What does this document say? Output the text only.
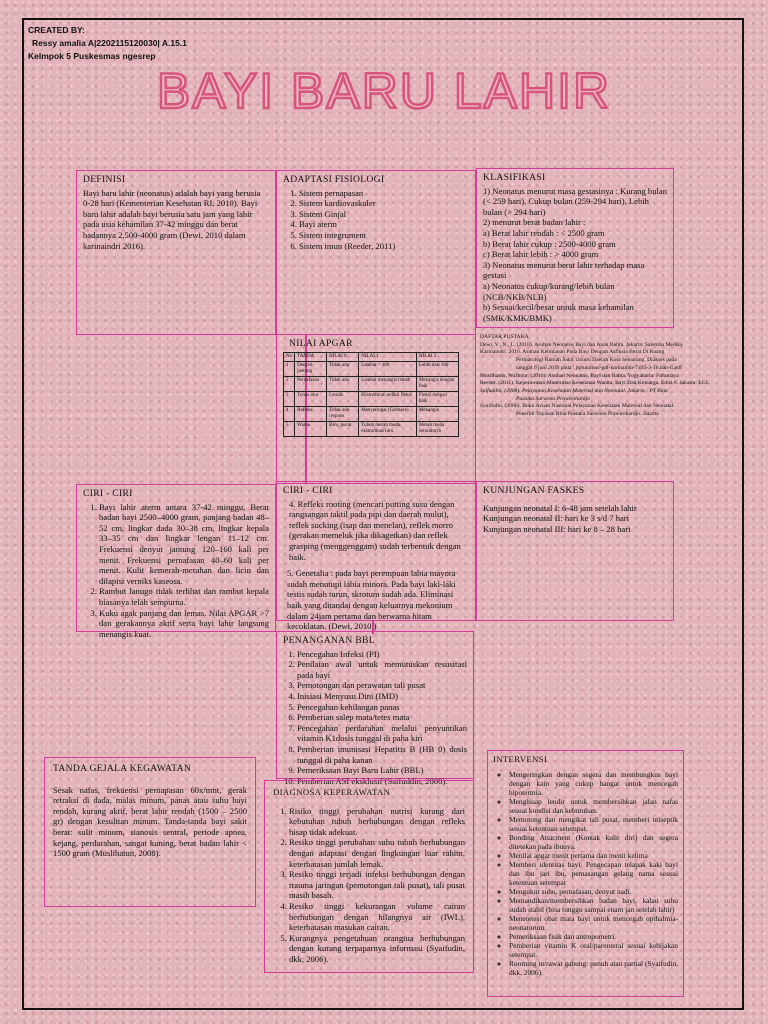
CREATED BY:
Ressy amalia A|2202115120030| A.15.1
Kelmpok 5 Puskesmas ngesrep
BAYI BARU LAHIR
DEFINISI

Bayi baru lahir (neonatus) adalah bayi yang berusia 0-28 hari (Kementerian Kesehatan RI, 2010). Bayi baru lahir adalah bayi berusia satu jam yang lahir pada usia kehamilan 37-42 minggu dan berat badannya 2.500-4000 gram (Dewi, 2010 dalam karinaindri 2016).

ADAPTASI FISIOLOGI
1. Sistem pernapasan
2. Sistem kardiovaskuler
3. Sistem Ginjal
4. Bayi aterm
5. Sistem integrument
6. Sistem imun (Reeder, 2011)
KLASIFIKASI

1) Neonatus menurut masa gestasinya : Kurang bulan (< 259 hari), Cukup bulan (259-294 hari), Lebih bulan (> 294 hari)

2) menurut berat badan lahir :

a) Berat lahir rendah : < 2500 gram

b) Berat lahir cukup : 2500-4000 gram

c) Berat lahir lebih : > 4000 gram

3) Neonatus menurut berat lahir terhadap masa gestasi

a) Neonatus cukup/kurang/lebih bulan (NCB/NKB/NLB)

b) Sesuai/kecil/besar untuk masa kehamilan (SMK/KMK/BMK)

NILAI APGAR
No	TANDA	NILAI 0	NILAI 1	NILAI 2
1	Denyut jantung	Tidak ada	Lambat < 100	Lebih dari 100
2	Pernafasan	Tidak ada	Lambat menangis lemah	Menangis dengan baik
3	Tonus otot	Lemah	Ekstremitas sedikit fleksi	Fleksi dengan baik
4	Refleks	Tidak ada respons	Menyeringai (Grimace)	Menangis
5	Warna	Biru, pucat	Tubuh merah muda, ekstremitas biru	Merah muda seluruhnya

DAFTAR PUSTAKA

Dewi, V., N., L. (2010). Asuhan Neonatus Bayi dan Anak Balita. Jakarta: Salemba Medika

Karinaindri. 2016. Asuhan Kebidanan Pada Bayi Dengan Asfiksia Berat Di Ruang

Perinatologi Rumah Sakit Umum Daerah Kota Semarang. Diakses pada

tanggal 6 juni 2016 pada : jtptunimus-gdl-karinaindr-7493-3-16.bab-ii.pdf

Muslihatun, Wafiniur. (2010). Asuhan Neonatus, Bayi dan Balita. Yogyakarta: Fitramaya

Reeder. (2011). Keperawatan Maternitas Kesehatan Wanita, Bayi Dan Keluarga. Edisi 8. Jakarta: EGC

Saifuddin. (2008). Pelayanan Kesehatan Maternal dan Neonatal. Jakarta : PT Bina

Pustaka Sarwono Prawirohardjo

Syaifudin. (2006). Buku Acuan Nasional Pelayanan Kesehatan Maternal dan Neonatal.

Penerbit Yayasan Bina Pustaka Sarwono Prawirohardjo. Jakarta

CIRI - CIRI
1. Bayi lahir aterm antara 37-42 minggu, Berat badan bayi 2500–4000 gram, panjang badan 48–52 cm, lingkar dada 30–38 cm, lingkar kepala 33–35 cm dan lingkar lengan 11–12 cm. Frekuensi denyut jantung 120–160 kali per menit. Frekuensi pernafasan 40–60 kali per menit. Kulit kemerah-merahan dan licin dan dilapisi verniks kaseosa.
2. Rambut lanugo tidak terlihat dan rambut kepala biasanya telah sempurna.
3. Kuku agak panjang dan lemas. Nilai APGAR >7 dan gerakannya aktif serta bayi lahir langsung menangis kuat.
CIRI - CIRI

4. Refleks rooting (mencari putting susu dengan rangsangan taktil pada pipi dan daerah mulut), reflek sucking (isap dan menelan), reflek morro (gerakan memeluk jika dikagetkan) dan reflek grasping (menggenggam) sudah terbentuk dengan baik.

5. Genetalia : pada bayi perempuan labia mayora sudah menutupi labia minora. Pada bayi laki-laki testis sudah turun, skrotum sudah ada. Eliminasi baik yang ditandai dengan keluarnya mekonium dalam 24jam pertama dan berwarna hitam kecoklatan. (Dewi, 2010 )

KUNJUNGAN FASKES

Kunjungan neonatal I: 6-48 jam setelah lahir

Kunjungan neonatal II: hari ke 3 s/d 7 hari

Kunjungan neonatal III: hari ke 8 – 28 hari

PENANGANAN BBL
1. Pencegahan Infeksi (PI)
2. Penilaian awal untuk memutuskan resusitasi pada bayi
3. Pemotongan dan perawatan tali pusat
4. Inisiasi Menyusu Dini (IMD)
5. Pencegahan kehilangan panas
6. Pemberian salep mata/tetes mata
7. Pencegahan perdarahan melalui penyuntikan vitamin K1dosis tunggal di paha kiri
8. Pemberian imunisasi Hepatitis B (HB 0) dosis tunggal di paha kanan
9. Pemeriksaan Bayi Baru Lahir (BBL)
10. Pemberian ASI eksklusif (Saifuddin, 2008).
TANDA GEJALA KEGAWATAN

Sesak nafas, frekuensi pernapasan 60x/mnt, gerak retraksi di dada, malas minum, panas atau suhu bayi rendah, kurang aktif, berat lahir rendah (1500 – 2500 gr) dengan kesulitan minum. Tanda-tanda bayi sakit berat: sulit minum, sianosis sentral, periode apnea, kejang, perdarahan, sangat kuning, berat badan lahir < 1500 gram (Muslihatun, 2008).

DIAGNOSA KEPERAWATAN
1. Risiko tinggi perubahan nutrisi kurang dari kebutuhan tubuh berhubungan dengan refleks hisap tidak adekuat.
2. Resiko tinggi perubahan suhu tubuh berhubungan dengan adaptasi dengan lingkungan luar rahim, keterbatasan jumlah lemak.
3. Resiko tinggi terjadi infeksi berhubungan dengan trauma jaringan (pemotongan tali pusat), tali pusat masih basah.
4. Resiko tinggi kekurangan volume cairan berhubungan dengan hilangnya air (IWL), keterbatasan masukan cairan.
5. Kurangnya pengetahuan orangtua berhubungan dengan kurang terpaparnya informasi (Syaifudin, dkk, 2006).
INTERVENSI
◦ Mengeringkan dengan segera dan membungkus bayi dengan kain yang cukup hangat untuk mencegah hipotermia.
◦ Menghisap lendir untuk membersihkan jalan nafas sesuai kondisi dan kebutuhan.
◦ Memotong dan mengikat tali pusat, memberi ntiseptik sesuai ketentuan setempat.
◦ Bonding Attacment (Kontak kulit diri) dan segera ditetekan pada ibunya.
◦ Menilai apgar menit pertama dan menit kelima
◦ Memberi identitas bayi: Pengecapan telapak kaki bayi dan ibu jari ibu, pemasangan gelang nama sesuai ketentuan setempat
◦ Mengukur suhu, pernafasan, denyut nadi.
◦ Memandikan/membersihkan badan bayi, kalau suhu sudah stabil (bisa tunggu sampai enam jan setelah lahir)
◦ Menetetesi obat mata bayi untuk mencegah opthalmia-neonatorum.
◦ Pemeriksaan fisik dan antropometri.
◦ Pemberian vitamin K oral/parenteral sesuai kebijakan setempat.
◦ Rooming in/rawat gabung: penuh atau partial (Syaifudin, dkk, 2006).
